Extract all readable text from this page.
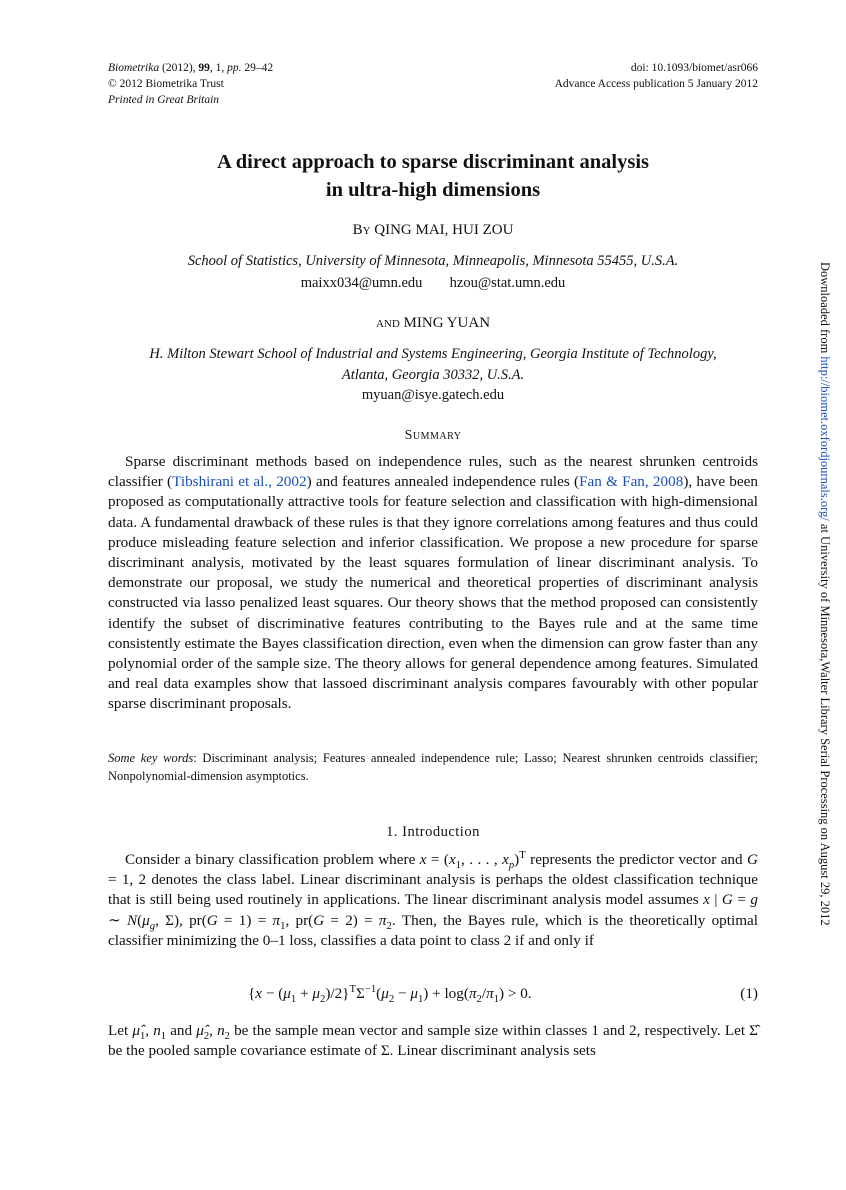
Biometrika (2012), 99, 1, pp. 29–42
© 2012 Biometrika Trust
Printed in Great Britain
doi: 10.1093/biomet/asr066
Advance Access publication 5 January 2012
A direct approach to sparse discriminant analysis
in ultra-high dimensions
By QING MAI, HUI ZOU
School of Statistics, University of Minnesota, Minneapolis, Minnesota 55455, U.S.A.
maixx034@umn.edu hzou@stat.umn.edu
and MING YUAN
H. Milton Stewart School of Industrial and Systems Engineering, Georgia Institute of Technology,
Atlanta, Georgia 30332, U.S.A.
myuan@isye.gatech.edu
Summary
Sparse discriminant methods based on independence rules, such as the nearest shrunken centroids classifier (Tibshirani et al., 2002) and features annealed independence rules (Fan & Fan, 2008), have been proposed as computationally attractive tools for feature selection and classification with high-dimensional data. A fundamental drawback of these rules is that they ignore correlations among features and thus could produce misleading feature selection and inferior classification. We propose a new procedure for sparse discriminant analysis, motivated by the least squares formulation of linear discriminant analysis. To demonstrate our proposal, we study the numerical and theoretical properties of discriminant analysis constructed via lasso penalized least squares. Our theory shows that the method proposed can consistently identify the subset of discriminative features contributing to the Bayes rule and at the same time consistently estimate the Bayes classification direction, even when the dimension can grow faster than any polynomial order of the sample size. The theory allows for general dependence among features. Simulated and real data examples show that lassoed discriminant analysis compares favourably with other popular sparse discriminant proposals.
Some key words: Discriminant analysis; Features annealed independence rule; Lasso; Nearest shrunken centroids classifier; Nonpolynomial-dimension asymptotics.
1. Introduction
Consider a binary classification problem where $x = (x_1$, . . . , $x_p)^T$ represents the predictor vector and G = 1, 2 denotes the class label. Linear discriminant analysis is perhaps the oldest classification technique that is still being used routinely in applications. The linear discriminant analysis model assumes x | G = g ∼ $N(\mu_g$, Σ), $pr(G = 1) = \pi_1$, $pr(G = 2) = \pi_2$. Then, the Bayes rule, which is the theoretically optimal classifier minimizing the 0–1 loss, classifies a data point to class 2 if and only if
$\{x - (\mu_1 + \mu_2)/2\}^T\Sigma^{-1}(\mu_2 - \mu_1) + \log(\pi_2/\pi_1) > 0$.	(1)
Let $\mû_1$, $n_1$ and $\mû_2$, $n_2$ be the sample mean vector and sample size within classes 1 and 2, respectively. Let Σ̂ be the pooled sample covariance estimate of Σ. Linear discriminant analysis sets
Downloaded from http://biomet.oxfordjournals.org/ at University of Minnesota,Walter Library Serial Processing on August 29, 2012
